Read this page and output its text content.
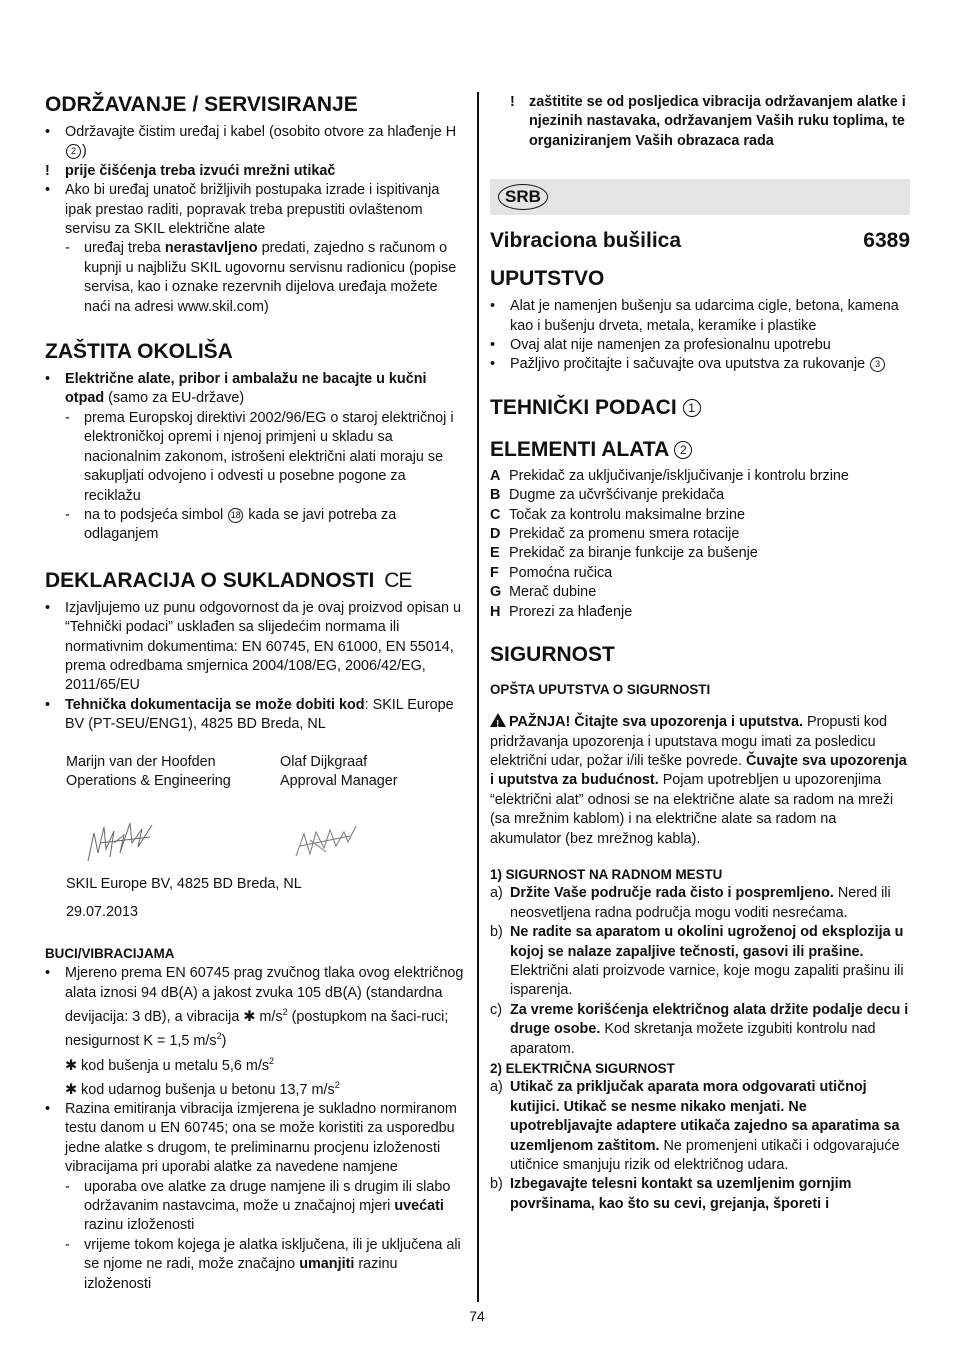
ODRŽAVANJE / SERVISIRANJE
• Održavajte čistim uređaj i kabel (osobito otvore za hlađenje H 2 )
! prije čišćenja treba izvući mrežni utikač
• Ako bi uređaj unatoč brižljivih postupaka izrade i ispitivanja ipak prestao raditi, popravak treba prepustiti ovlaštenom servisu za SKIL električne alate
- uređaj treba nerastavljeno predati, zajedno s računom o kupnji u najbližu SKIL ugovornu servisnu radionicu (popise servisa, kao i oznake rezervnih dijelova uređaja možete naći na adresi www.skil.com)
ZAŠTITA OKOLIŠA
• Električne alate, pribor i ambalažu ne bacajte u kučni otpad (samo za EU-države)
- prema Europskoj direktivi 2002/96/EG o staroj električnoj i elektroničkoj opremi i njenoj primjeni u skladu sa nacionalnim zakonom, istrošeni električni alati moraju se sakupljati odvojeno i odvesti u posebne pogone za reciklažu
- na to podsjeća simbol 18 kada se javi potreba za odlaganjem
DEKLARACIJA O SUKLADNOSTI CE
• Izjavljujemo uz punu odgovornost da je ovaj proizvod opisan u “Tehnički podaci” usklađen sa slijedećim normama ili normativnim dokumentima: EN 60745, EN 61000, EN 55014, prema odredbama smjernica 2004/108/EG, 2006/42/EG, 2011/65/EU
• Tehnička dokumentacija se može dobiti kod: SKIL Europe BV (PT-SEU/ENG1), 4825 BD Breda, NL
Marijn van der Hoofden
Operations & Engineering
Olaf Dijkgraaf
Approval Manager
SKIL Europe BV, 4825 BD Breda, NL
29.07.2013
BUCI/VIBRACIJAMA
• Mjereno prema EN 60745 prag zvučnog tlaka ovog električnog alata iznosi 94 dB(A) a jakost zvuka 105 dB(A) (standardna devijacija: 3 dB), a vibracija ✱ $m/s^2$ (postupkom na šaci-ruci; nesigurnost K = 1,5 $m/s^2$)
✱ kod bušenja u metalu 5,6 $m/s^2$
✱ kod udarnog bušenja u betonu 13,7 $m/s^2$
• Razina emitiranja vibracija izmjerena je sukladno normiranom testu danom u EN 60745; ona se može koristiti za usporedbu jedne alatke s drugom, te preliminarnu procjenu izloženosti vibracijama pri uporabi alatke za navedene namjene
- uporaba ove alatke za druge namjene ili s drugim ili slabo održavanim nastavcima, može u značajnoj mjeri uvećati razinu izloženosti
- vrijeme tokom kojega je alatka isključena, ili je uključena ali se njome ne radi, može značajno umanjiti razinu izloženosti
! zaštitite se od posljedica vibracija održavanjem alatke i njezinih nastavaka, održavanjem Vaših ruku toplima, te organiziranjem Vaših obrazaca rada
SRB
Vibraciona bušilica	6389
UPUTSTVO
• Alat je namenjen bušenju sa udarcima cigle, betona, kamena kao i bušenju drveta, metala, keramike i plastike
• Ovaj alat nije namenjen za profesionalnu upotrebu
• Pažljivo pročitajte i sačuvajte ova uputstva za rukovanje 3
TEHNIČKI PODACI 1
ELEMENTI ALATA 2
A Prekidač za uključivanje/isključivanje i kontrolu brzine
B Dugme za učvršćivanje prekidača
C Točak za kontrolu maksimalne brzine
D Prekidač za promenu smera rotacije
E Prekidač za biranje funkcije za bušenje
F Pomoćna ručica
G Merač dubine
H Prorezi za hlađenje
SIGURNOST
OPŠTA UPUTSTVA O SIGURNOSTI
! PAŽNJA! Čitajte sva upozorenja i uputstva. Propusti kod pridržavanja upozorenja i uputstava mogu imati za posledicu električni udar, požar i/ili teške povrede. Čuvajte sva upozorenja i uputstva za budućnost. Pojam upotrebljen u upozorenjima “električni alat” odnosi se na električne alate sa radom na mreži (sa mrežnim kablom) i na električne alate sa radom na akumulator (bez mrežnog kabla).
1) SIGURNOST NA RADNOM MESTU
a) Držite Vaše područje rada čisto i pospremljeno. Nered ili neosvetljena radna područja mogu voditi nesrećama.
b) Ne radite sa aparatom u okolini ugroženoj od eksplozija u kojoj se nalaze zapaljive tečnosti, gasovi ili prašine. Električni alati proizvode varnice, koje mogu zapaliti prašinu ili isparenja.
c) Za vreme korišćenja električnog alata držite podalje decu i druge osobe. Kod skretanja možete izgubiti kontrolu nad aparatom.
2) ELEKTRIČNA SIGURNOST
a) Utikač za priključak aparata mora odgovarati utičnoj kutijici. Utikač se nesme nikako menjati. Ne upotrebljavajte adaptere utikača zajedno sa aparatima sa uzemljenom zaštitom. Ne promenjeni utikači i odgovarajuće utičnice smanjuju rizik od električnog udara.
b) Izbegavajte telesni kontakt sa uzemljenim gornjim površinama, kao što su cevi, grejanja, šporeti i
74
